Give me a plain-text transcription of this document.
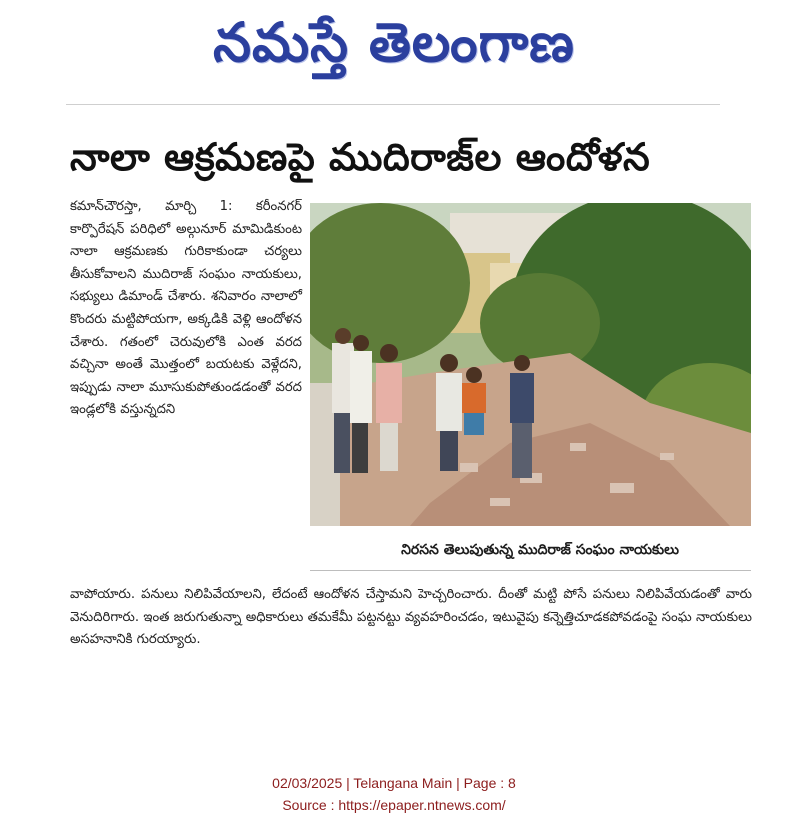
నమస్తే తెలంగాణ
నాలా ఆక్రమణపై ముదిరాజ్‌ల ఆందోళన

కమాన్‌చౌరస్తా, మార్చి 1: కరీంనగర్ కార్పొరేషన్ పరిధిలో అల్గునూర్ మామిడికుంట నాలా ఆక్రమణకు గురికాకుండా చర్యలు తీసుకోవాలని ముదిరాజ్ సంఘం నాయకులు, సభ్యులు డిమాండ్ చేశారు. శనివారం నాలాలో కొందరు మట్టిపోయగా, అక్కడికి వెళ్లి ఆందోళన చేశారు. గతంలో చెరువులోకి ఎంత వరద వచ్చినా అంతే మొత్తంలో బయటకు వెళ్లేదని, ఇప్పుడు నాలా మూసుకుపోతుండడంతో వరద ఇండ్లలోకి వస్తున్నదని

నిరసన తెలుపుతున్న ముదిరాజ్ సంఘం నాయకులు

వాపోయారు. పనులు నిలిపివేయాలని, లేదంటే ఆందోళన చేస్తామని హెచ్చరించారు. దీంతో మట్టి పోసే పనులు నిలిపివేయడంతో వారు వెనుదిరిగారు. ఇంత జరుగుతున్నా అధికారులు తమకేమీ పట్టనట్టు వ్యవహరించడం, ఇటువైపు కన్నెత్తిచూడకపోవడంపై సంఘ నాయకులు అసహనానికి గురయ్యారు.

02/03/2025 | Telangana Main | Page : 8
Source : https://epaper.ntnews.com/
